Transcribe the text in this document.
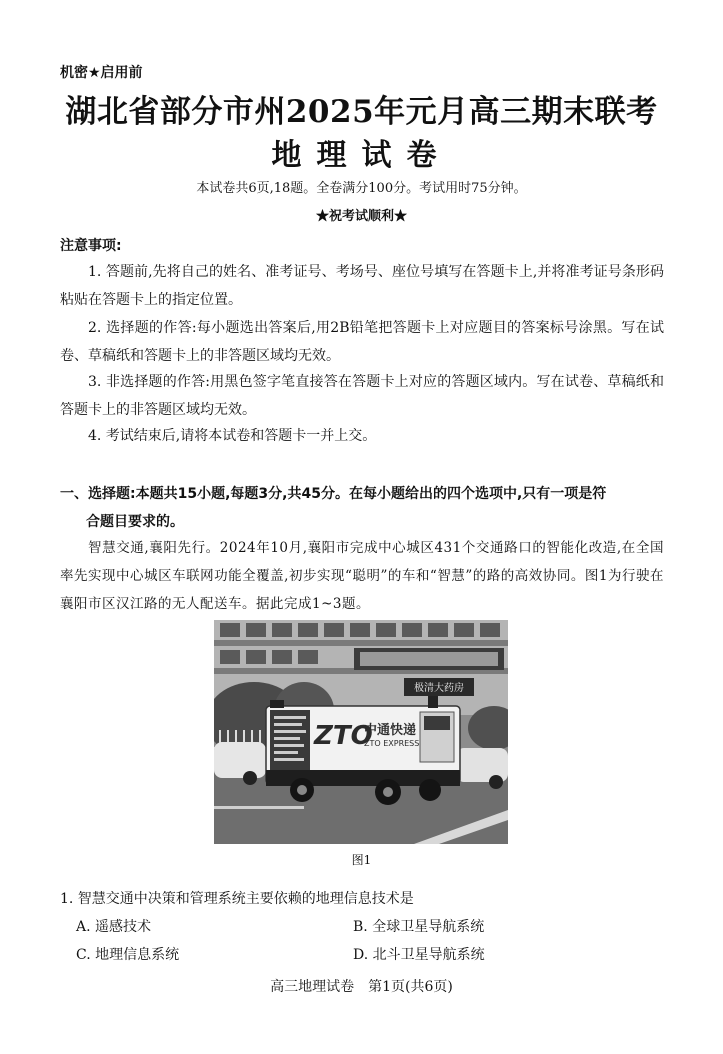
机密★启用前
湖北省部分市州2025年元月高三期末联考
地理试卷
本试卷共6页,18题。全卷满分100分。考试用时75分钟。
★祝考试顺利★
注意事项:
1. 答题前,先将自己的姓名、准考证号、考场号、座位号填写在答题卡上,并将准考证号条形码粘贴在答题卡上的指定位置。
2. 选择题的作答:每小题选出答案后,用2B铅笔把答题卡上对应题目的答案标号涂黑。写在试卷、草稿纸和答题卡上的非答题区域均无效。
3. 非选择题的作答:用黑色签字笔直接答在答题卡上对应的答题区域内。写在试卷、草稿纸和答题卡上的非答题区域均无效。
4. 考试结束后,请将本试卷和答题卡一并上交。
一、选择题:本题共15小题,每题3分,共45分。在每小题给出的四个选项中,只有一项是符
合题目要求的。
智慧交通,襄阳先行。2024年10月,襄阳市完成中心城区431个交通路口的智能化改造,在全国率先实现中心城区车联网功能全覆盖,初步实现“聪明”的车和“智慧”的路的高效协同。图1为行驶在襄阳市区汉江路的无人配送车。据此完成1~3题。
极清大药房
ZTO
中通快递
ZTO EXPRESS
图1
1. 智慧交通中决策和管理系统主要依赖的地理信息技术是
A. 遥感技术	B. 全球卫星导航系统
C. 地理信息系统	D. 北斗卫星导航系统
高三地理试卷　第1页(共6页)
